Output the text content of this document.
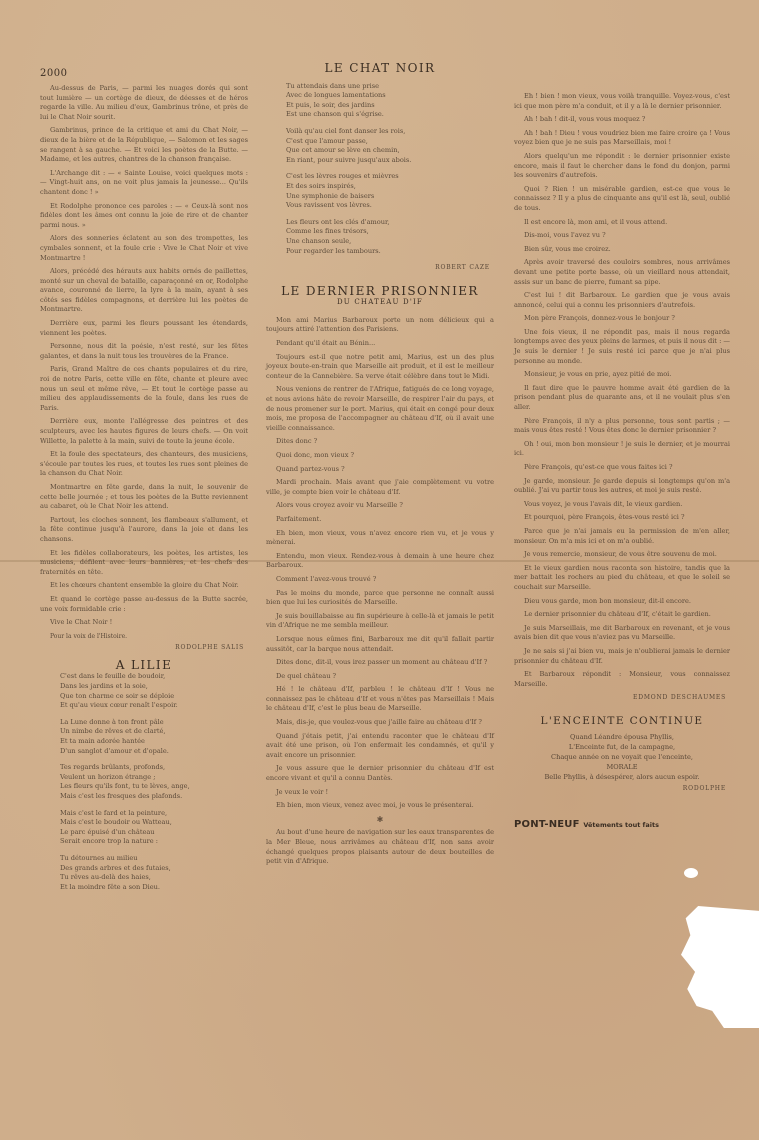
2000

Au-dessus de Paris, — parmi les nuages dorés qui sont tout lumière — un cortège de dieux, de déesses et de héros regarde la ville. Au milieu d'eux, Gambrinus trône, et près de lui le Chat Noir sourit.

Gambrinus, prince de la critique et ami du Chat Noir, — dieux de la bière et de la République, — Salomon et les sages se rangent à sa gauche. — Et voici les poètes de la Butte. — Madame, et les autres, chantres de la chanson française.

L'Archange dit : — « Sainte Louise, voici quelques mots : — Vingt-huit ans, on ne voit plus jamais la jeunesse... Qu'ils chantent donc ! »

Et Rodolphe prononce ces paroles : — « Ceux-là sont nos fidèles dont les âmes ont connu la joie de rire et de chanter parmi nous. »

Alors des sonneries éclatent au son des trompettes, les cymbales sonnent, et la foule crie : Vive le Chat Noir et vive Montmartre !

Alors, précédé des hérauts aux habits ornés de paillettes, monté sur un cheval de bataille, caparaçonné en or, Rodolphe avance, couronné de lierre, la lyre à la main, ayant à ses côtés ses fidèles compagnons, et derrière lui les poètes de Montmartre.

Derrière eux, parmi les fleurs poussant les étendards, viennent les poètes.

Personne, nous dit la poésie, n'est resté, sur les fêtes galantes, et dans la nuit tous les trouvères de la France.

Paris, Grand Maître de ces chants populaires et du rire, roi de notre Paris, cette ville en fête, chante et pleure avec nous un seul et même rêve, — Et tout le cortège passe au milieu des applaudissements de la foule, dans les rues de Paris.

Derrière eux, monte l'allégresse des peintres et des sculpteurs, avec les hautes figures de leurs chefs. — On voit Willette, la palette à la main, suivi de toute la jeune école.

Et la foule des spectateurs, des chanteurs, des musiciens, s'écoule par toutes les rues, et toutes les rues sont pleines de la chanson du Chat Noir.

Montmartre en fête garde, dans la nuit, le souvenir de cette belle journée ; et tous les poètes de la Butte reviennent au cabaret, où le Chat Noir les attend.

Partout, les cloches sonnent, les flambeaux s'allument, et la fête continue jusqu'à l'aurore, dans la joie et dans les chansons.

Et les fidèles collaborateurs, les poètes, les artistes, les musiciens, défilent avec leurs bannières, et les chefs des fraternités en tête.

Et les chœurs chantent ensemble la gloire du Chat Noir.

Et quand le cortège passe au-dessus de la Butte sacrée, une voix formidable crie :

Vive le Chat Noir !

Pour la voix de l'Histoire.
RODOLPHE SALIS
A LILIE
C'est dans le feuille de boudoir,
Dans les jardins et la soie,
Que ton charme ce soir se déploie
Et qu'au vieux cœur renaît l'espoir.
La Lune donne à ton front pâle
Un nimbe de rêves et de clarté,
Et ta main adorée hantée
D'un sanglot d'amour et d'opale.
Tes regards brûlants, profonds,
Veulent un horizon étrange ;
Les fleurs qu'ils font, tu te lèves, ange,
Mais c'est les fresques des plafonds.
Mais c'est le fard et la peinture,
Mais c'est le boudoir ou Watteau,
Le parc épuisé d'un château
Serait encore trop la nature :
Tu détournes au milieu
Des grands arbres et des futaies,
Tu rêves au-delà des haies,
Et la moindre fête a son Dieu.
LE CHAT NOIR
Tu attendais dans une prise
Avec de longues lamentations
Et puis, le soir, des jardins
Est une chanson qui s'égrise.
Voilà qu'au ciel font danser les rois,
C'est que l'amour passe,
Que cet amour se lève en chemin,
En riant, pour suivre jusqu'aux abois.
C'est les lèvres rouges et mièvres
Et des soirs inspirés,
Une symphonie de baisers
Vous ravissent vos lèvres.
Les fleurs ont les clés d'amour,
Comme les fines trésors,
Une chanson seule,
Pour regarder les tambours.
ROBERT CAZE
LE DERNIER PRISONNIER
DU CHATEAU D'IF

Mon ami Marius Barbaroux porte un nom délicieux qui a toujours attiré l'attention des Parisiens.

Pendant qu'il était au Bénin...

Toujours est-il que notre petit ami, Marius, est un des plus joyeux boute-en-train que Marseille ait produit, et il est le meilleur conteur de la Cannebière. Sa verve était célèbre dans tout le Midi.

Nous venions de rentrer de l'Afrique, fatigués de ce long voyage, et nous avions hâte de revoir Marseille, de respirer l'air du pays, et de nous promener sur le port. Marius, qui était en congé pour deux mois, me proposa de l'accompagner au château d'If, où il avait une vieille connaissance.

Dites donc ?

Quoi donc, mon vieux ?

Quand partez-vous ?

Mardi prochain. Mais avant que j'aie complètement vu votre ville, je compte bien voir le château d'If.

Alors vous croyez avoir vu Marseille ?

Parfaitement.

Eh bien, mon vieux, vous n'avez encore rien vu, et je vous y mènerai.

Entendu, mon vieux. Rendez-vous à demain à une heure chez Barbaroux.

Comment l'avez-vous trouvé ?

Pas le moins du monde, parce que personne ne connaît aussi bien que lui les curiosités de Marseille.

Je suis bouillabaisse au fin supérieure à celle-là et jamais le petit vin d'Afrique ne me sembla meilleur.

Lorsque nous eûmes fini, Barbaroux me dit qu'il fallait partir aussitôt, car la barque nous attendait.

Dites donc, dit-il, vous irez passer un moment au château d'If ?

De quel château ?

Hé ! le château d'If, parbleu ! le château d'If ! Vous ne connaissez pas le château d'If et vous n'êtes pas Marseillais ! Mais le château d'If, c'est le plus beau de Marseille.

Mais, dis-je, que voulez-vous que j'aille faire au château d'If ?

Quand j'étais petit, j'ai entendu raconter que le château d'If avait été une prison, où l'on enfermait les condamnés, et qu'il y avait encore un prisonnier.

Je vous assure que le dernier prisonnier du château d'If est encore vivant et qu'il a connu Dantès.

Je veux le voir !

Eh bien, mon vieux, venez avec moi, je vous le présenterai.

✱

Au bout d'une heure de navigation sur les eaux transparentes de la Mer Bleue, nous arrivâmes au château d'If, non sans avoir échangé quelques propos plaisants autour de deux bouteilles de petit vin d'Afrique.

Eh ! bien ! mon vieux, vous voilà tranquille. Voyez-vous, c'est ici que mon père m'a conduit, et il y a là le dernier prisonnier.

Ah ! bah ! dit-il, vous vous moquez ?

Ah ! bah ! Dieu ! vous voudriez bien me faire croire ça ! Vous voyez bien que je ne suis pas Marseillais, moi !

Alors quelqu'un me répondit : le dernier prisonnier existe encore, mais il faut le chercher dans le fond du donjon, parmi les souvenirs d'autrefois.

Quoi ? Rien ! un misérable gardien, est-ce que vous le connaissez ? Il y a plus de cinquante ans qu'il est là, seul, oublié de tous.

Il est encore là, mon ami, et il vous attend.

Dis-moi, vous l'avez vu ?

Bien sûr, vous me croirez.

Après avoir traversé des couloirs sombres, nous arrivâmes devant une petite porte basse, où un vieillard nous attendait, assis sur un banc de pierre, fumant sa pipe.

C'est lui ! dit Barbaroux. Le gardien que je vous avais annoncé, celui qui a connu les prisonniers d'autrefois.

Mon père François, donnez-vous le bonjour ?

Une fois vieux, il ne répondit pas, mais il nous regarda longtemps avec des yeux pleins de larmes, et puis il nous dit : — Je suis le dernier ! Je suis resté ici parce que je n'ai plus personne au monde.

Monsieur, je vous en prie, ayez pitié de moi.

Il faut dire que le pauvre homme avait été gardien de la prison pendant plus de quarante ans, et il ne voulait plus s'en aller.

Père François, il n'y a plus personne, tous sont partis ; — mais vous êtes resté ! Vous êtes donc le dernier prisonnier ?

Oh ! oui, mon bon monsieur ! je suis le dernier, et je mourrai ici.

Père François, qu'est-ce que vous faites ici ?

Je garde, monsieur. Je garde depuis si longtemps qu'on m'a oublié. J'ai vu partir tous les autres, et moi je suis resté.

Vous voyez, je vous l'avais dit, le vieux gardien.

Et pourquoi, père François, êtes-vous resté ici ?

Parce que je n'ai jamais eu la permission de m'en aller, monsieur. On m'a mis ici et on m'a oublié.

Je vous remercie, monsieur, de vous être souvenu de moi.

Et le vieux gardien nous raconta son histoire, tandis que la mer battait les rochers au pied du château, et que le soleil se couchait sur Marseille.

Dieu vous garde, mon bon monsieur, dit-il encore.

Le dernier prisonnier du château d'If, c'était le gardien.

Je suis Marseillais, me dit Barbaroux en revenant, et je vous avais bien dit que vous n'aviez pas vu Marseille.

Je ne sais si j'ai bien vu, mais je n'oublierai jamais le dernier prisonnier du château d'If.

Et Barbaroux répondit : Monsieur, vous connaissez Marseille.

EDMOND DESCHAUMES
L'ENCEINTE CONTINUE
Quand Léandre épousa Phyllis,
L'Enceinte fut, de la campagne,
Chaque année on ne voyait que l'enceinte,
MORALE
Belle Phyllis, à désespérer, alors aucun espoir.
RODOLPHE
PONT-NEUF Vêtements tout faits
